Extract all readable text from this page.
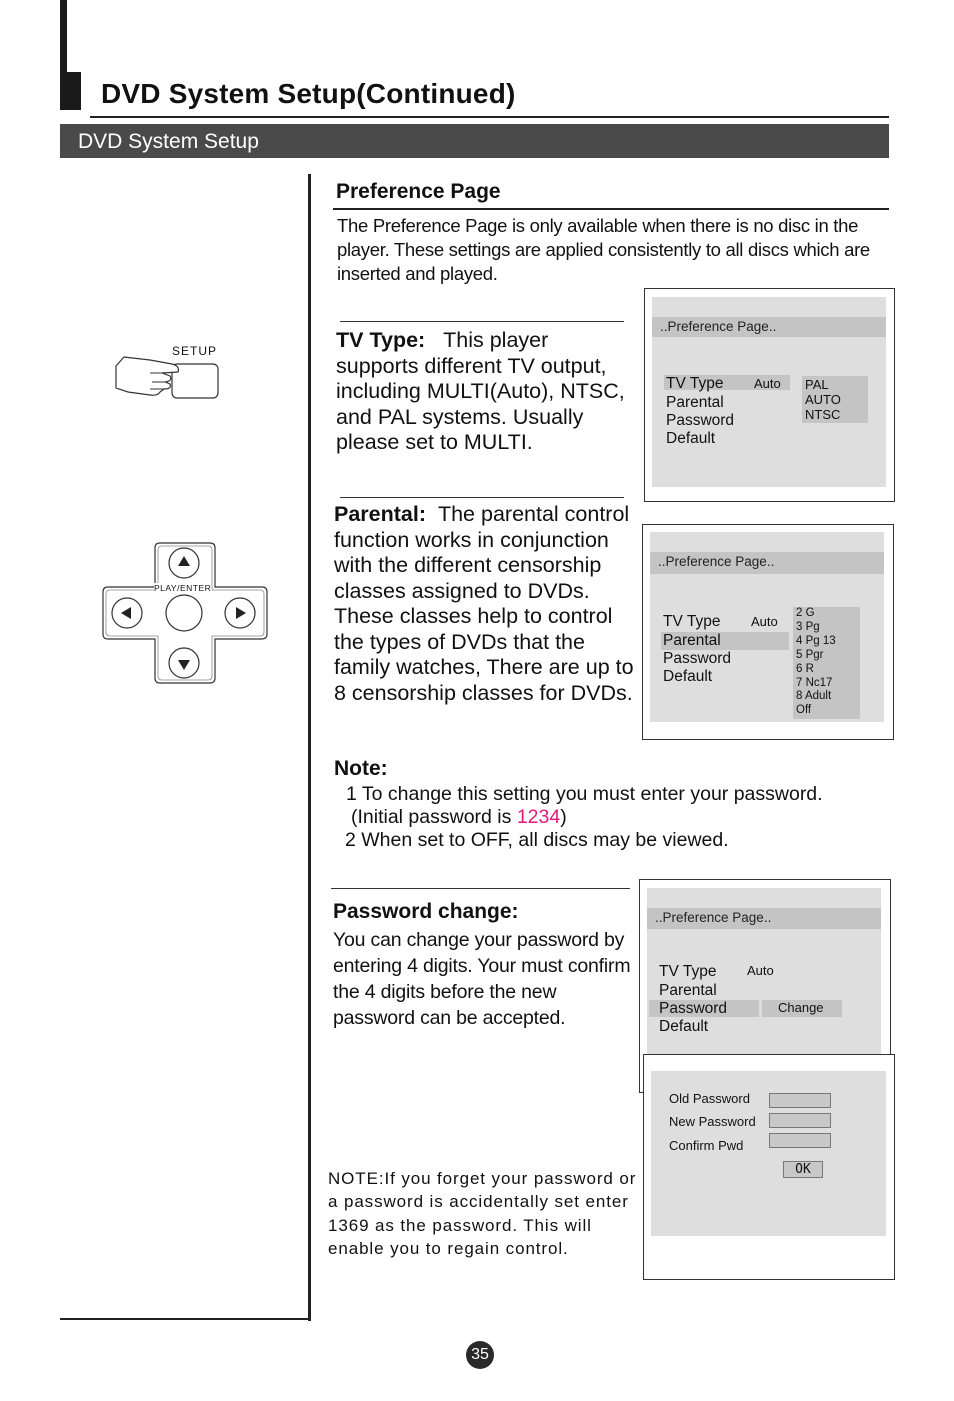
DVD System Setup(Continued)
DVD System Setup
SETUP
PLAY/ENTER
Preference Page
The Preference Page is only available when there is no disc in the player. These settings are applied consistently to all discs which are inserted and played.
TV Type: This player supports different TV output, including MULTI(Auto), NTSC, and PAL systems. Usually please set to MULTI.
Parental: The parental control function works in conjunction with the different censorship classes assigned to DVDs. These classes help to control the types of DVDs that the family watches, There are up to 8 censorship classes for DVDs.
Note:
1 To change this setting you must enter your password.
(Initial password is 1234)
2 When set to OFF, all discs may be viewed.
Password change:
You can change your password by entering 4 digits. Your must confirm the 4 digits before the new password can be accepted.
NOTE:If you forget your password or a password is accidentally set enter 1369 as the password. This will enable you to regain control.
..Preference Page..
TV Type Auto
Parental
Password
Default
PAL
AUTO
NTSC
..Preference Page..
TV Type Auto
Parental
Password
Default
2 G
3 Pg
4 Pg 13
5 Pgr
6 R
7 Nc17
8 Adult
Off
..Preference Page..
TV Type Auto
Parental
Password	Change
Default
Old Password
New Password
Confirm Pwd
OK
35
